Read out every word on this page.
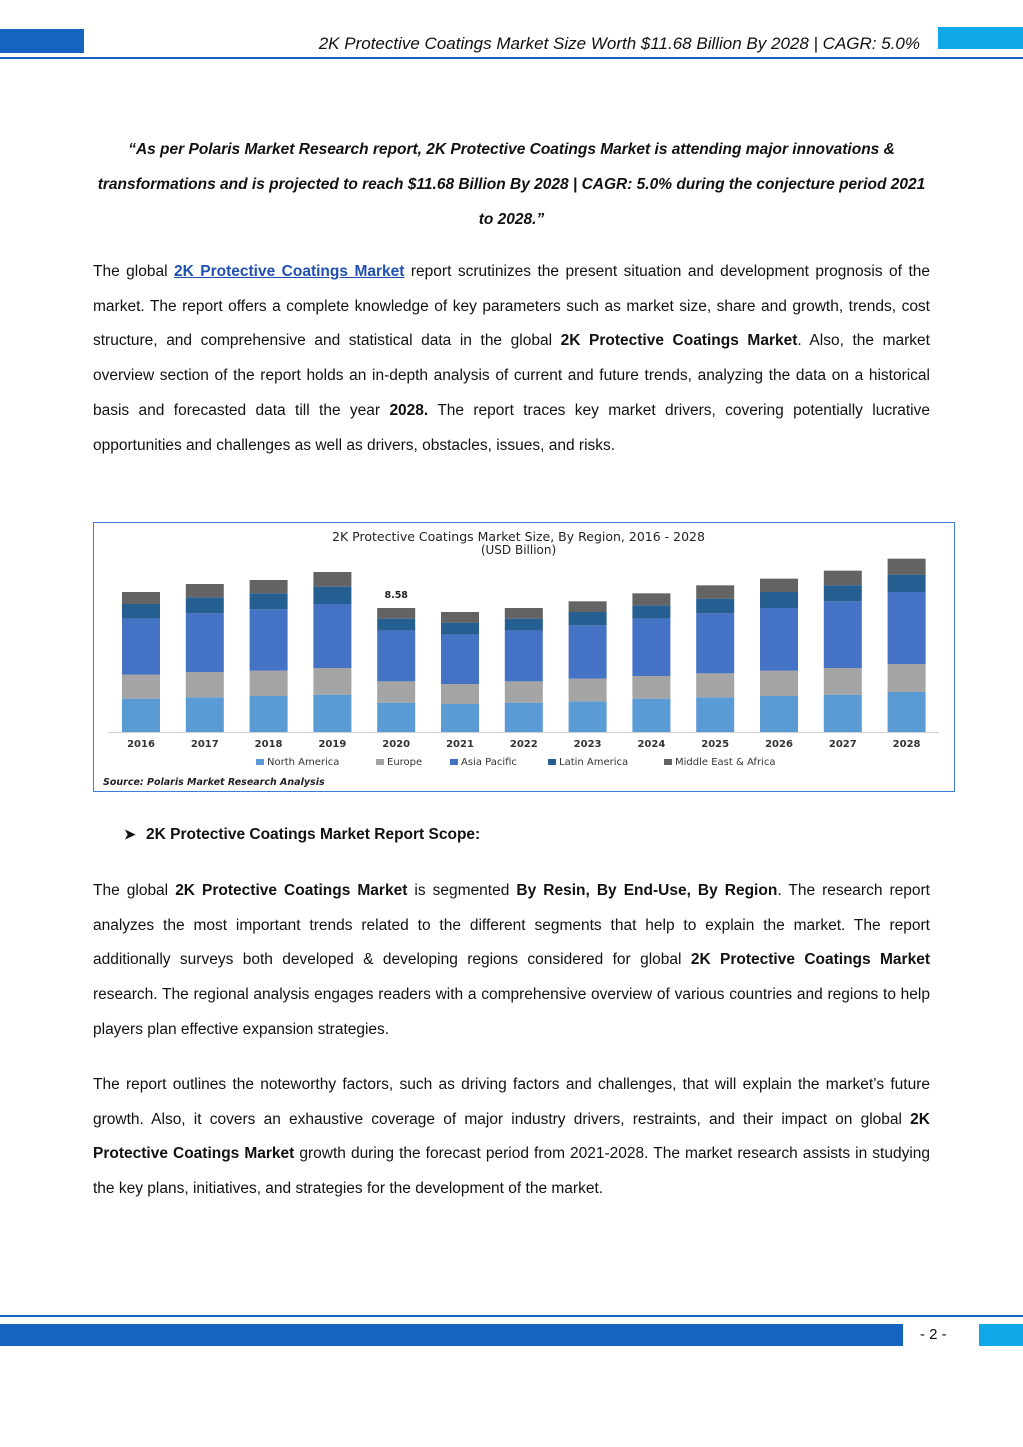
2K Protective Coatings Market Size Worth $11.68 Billion By 2028 | CAGR: 5.0%

“As per Polaris Market Research report, 2K Protective Coatings Market is attending major innovations & transformations and is projected to reach $11.68 Billion By 2028 | CAGR: 5.0% during the conjecture period 2021 to 2028.”

The global 2K Protective Coatings Market report scrutinizes the present situation and development prognosis of the market. The report offers a complete knowledge of key parameters such as market size, share and growth, trends, cost structure, and comprehensive and statistical data in the global 2K Protective Coatings Market. Also, the market overview section of the report holds an in-depth analysis of current and future trends, analyzing the data on a historical basis and forecasted data till the year 2028. The report traces key market drivers, covering potentially lucrative opportunities and challenges as well as drivers, obstacles, issues, and risks.

2K Protective Coatings Market Size, By Region, 2016 - 2028
(USD Billion)
2016	2017	2018	2019	2020
8.58
2021	2022	2023	2024	2025	2026	2027	2028
North America	Europe	Asia Pacific	Latin America	Middle East & Africa
Source: Polaris Market Research Analysis
➤ 2K Protective Coatings Market Report Scope:

The global 2K Protective Coatings Market is segmented By Resin, By End-Use, By Region. The research report analyzes the most important trends related to the different segments that help to explain the market. The report additionally surveys both developed & developing regions considered for global 2K Protective Coatings Market research. The regional analysis engages readers with a comprehensive overview of various countries and regions to help players plan effective expansion strategies.

The report outlines the noteworthy factors, such as driving factors and challenges, that will explain the market’s future growth. Also, it covers an exhaustive coverage of major industry drivers, restraints, and their impact on global 2K Protective Coatings Market growth during the forecast period from 2021-2028. The market research assists in studying the key plans, initiatives, and strategies for the development of the market.

- 2 -
